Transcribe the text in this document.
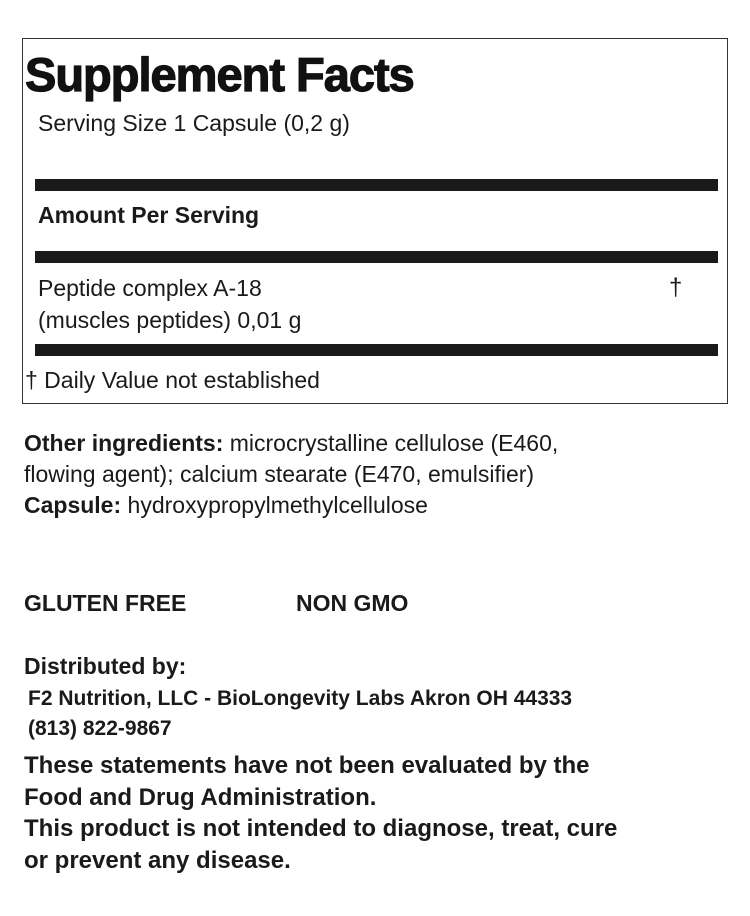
Supplement Facts
Serving Size 1 Capsule (0,2 g)
Amount Per Serving
Peptide complex A-18
(muscles peptides) 0,01 g
†
† Daily Value not established
Other ingredients: microcrystalline cellulose (E460,
flowing agent); calcium stearate (E470, emulsifier)
Capsule: hydroxypropylmethylcellulose
GLUTEN FREE	NON GMO
Distributed by:
F2 Nutrition, LLC - BioLongevity Labs Akron OH 44333
(813) 822-9867
These statements have not been evaluated by the
Food and Drug Administration.
This product is not intended to diagnose, treat, cure
or prevent any disease.
